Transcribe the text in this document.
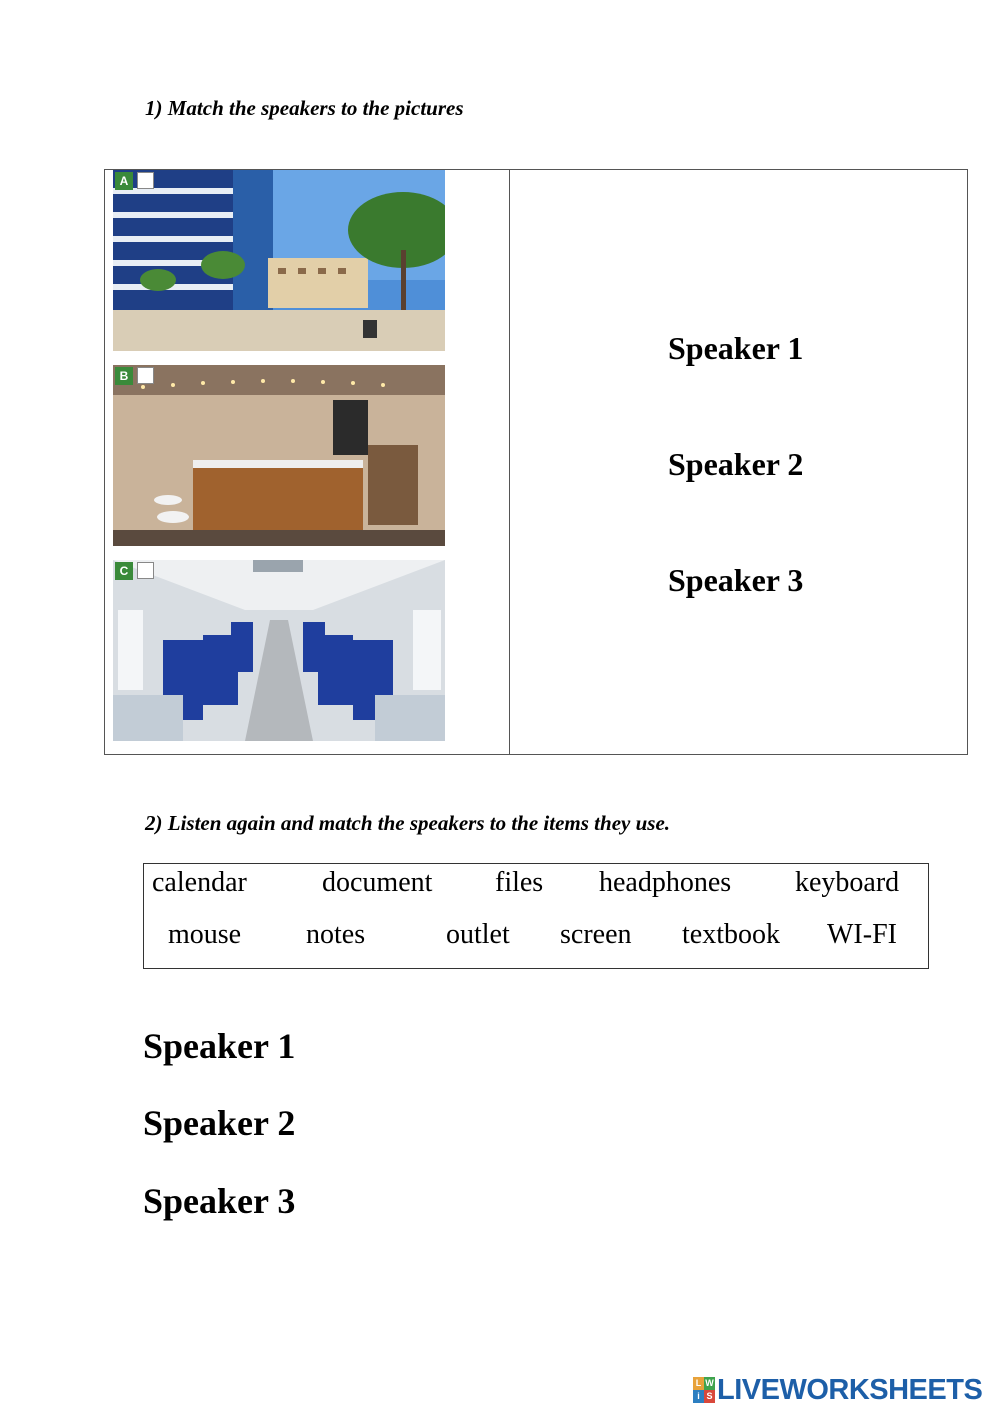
1) Match the speakers to the pictures
A
B
C
Speaker 1
Speaker 2
Speaker 3
2) Listen again and match the speakers to the items they use.
calendar	document files headphones keyboard
mouse notes	outlet screen textbook WI-FI
Speaker 1
Speaker 2
Speaker 3
L W
i S LIVEWORKSHEETS
